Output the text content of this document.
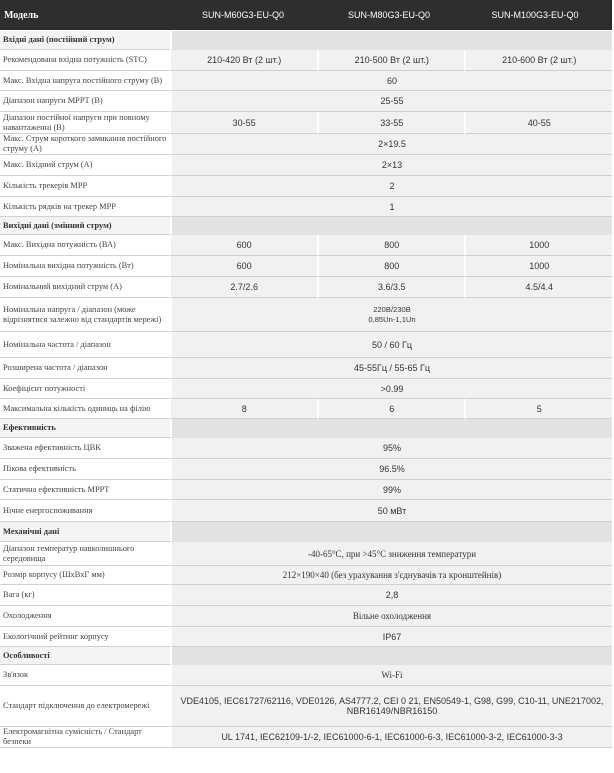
Модель	SUN-M60G3-EU-Q0	SUN-M80G3-EU-Q0	SUN-M100G3-EU-Q0
Вхідні дані (постійний струм)
Рекомендована вхідна потужність (STC)	210-420 Вт (2 шт.)	210-500 Вт (2 шт.)	210-600 Вт (2 шт.)
Макс. Вхідна напруга постійного струму (В)	60
Діапазон напруги MPPT (В)	25-55
Діапазон постійної напруги при повному навантаженні (В)	30-55	33-55	40-55
Макс. Струм короткого замикання постійного струму (A)	2×19.5
Макс. Вхідний струм (А)	2×13
Кількість трекерів MPP	2
Кількість рядків на трекер MPP	1
Вихідні дані (змінний струм)
Макс. Вихідна потужність (ВА)	600	800	1000
Номінальна вихідна потужність (Вт)	600	800	1000
Номінальний вихідний струм (A)	2.7/2.6	3.6/3.5	4.5/4.4
Номінальна напруга / діапазон (може відрізнятися залежно від стандартів мережі)
220В/230В
0,85Un-1,1Un
Номінальна частота / діапазон	50 / 60 Гц
Розширена частота / діапазон	45-55Гц / 55-65 Гц
Коефіцієнт потужності	>0.99
Максимальна кількість одиниць на філію	8	6	5
Ефективність
Зважена ефективність ЦВК	95%
Пікова ефективність	96.5%
Статична ефективність MPPT	99%
Нічне енергоспоживання	50 мВт
Механічні дані
Діапазон температур навколишнього середовища	-40-65°C, при >45°C зниження температури
Розмір корпусу (ШхВхГ мм)	212×190×40 (без урахування з'єднувачів та кронштейнів)
Вага (кг)	2,8
Охолодження	Вільне охолодження
Екологічний рейтинг корпусу	IP67
Особливості
Зв'язок	Wi-Fi
Стандарт підключення до електромережі	VDE4105, IEC61727/62116, VDE0126, AS4777.2, CEI 0 21, EN50549-1, G98, G99, C10-11, UNE217002, NBR16149/NBR16150
Електромагнітна сумісність / Стандарт безпеки	UL 1741, IEC62109-1/-2, IEC61000-6-1, IEC61000-6-3, IEC61000-3-2, IEC61000-3-3
